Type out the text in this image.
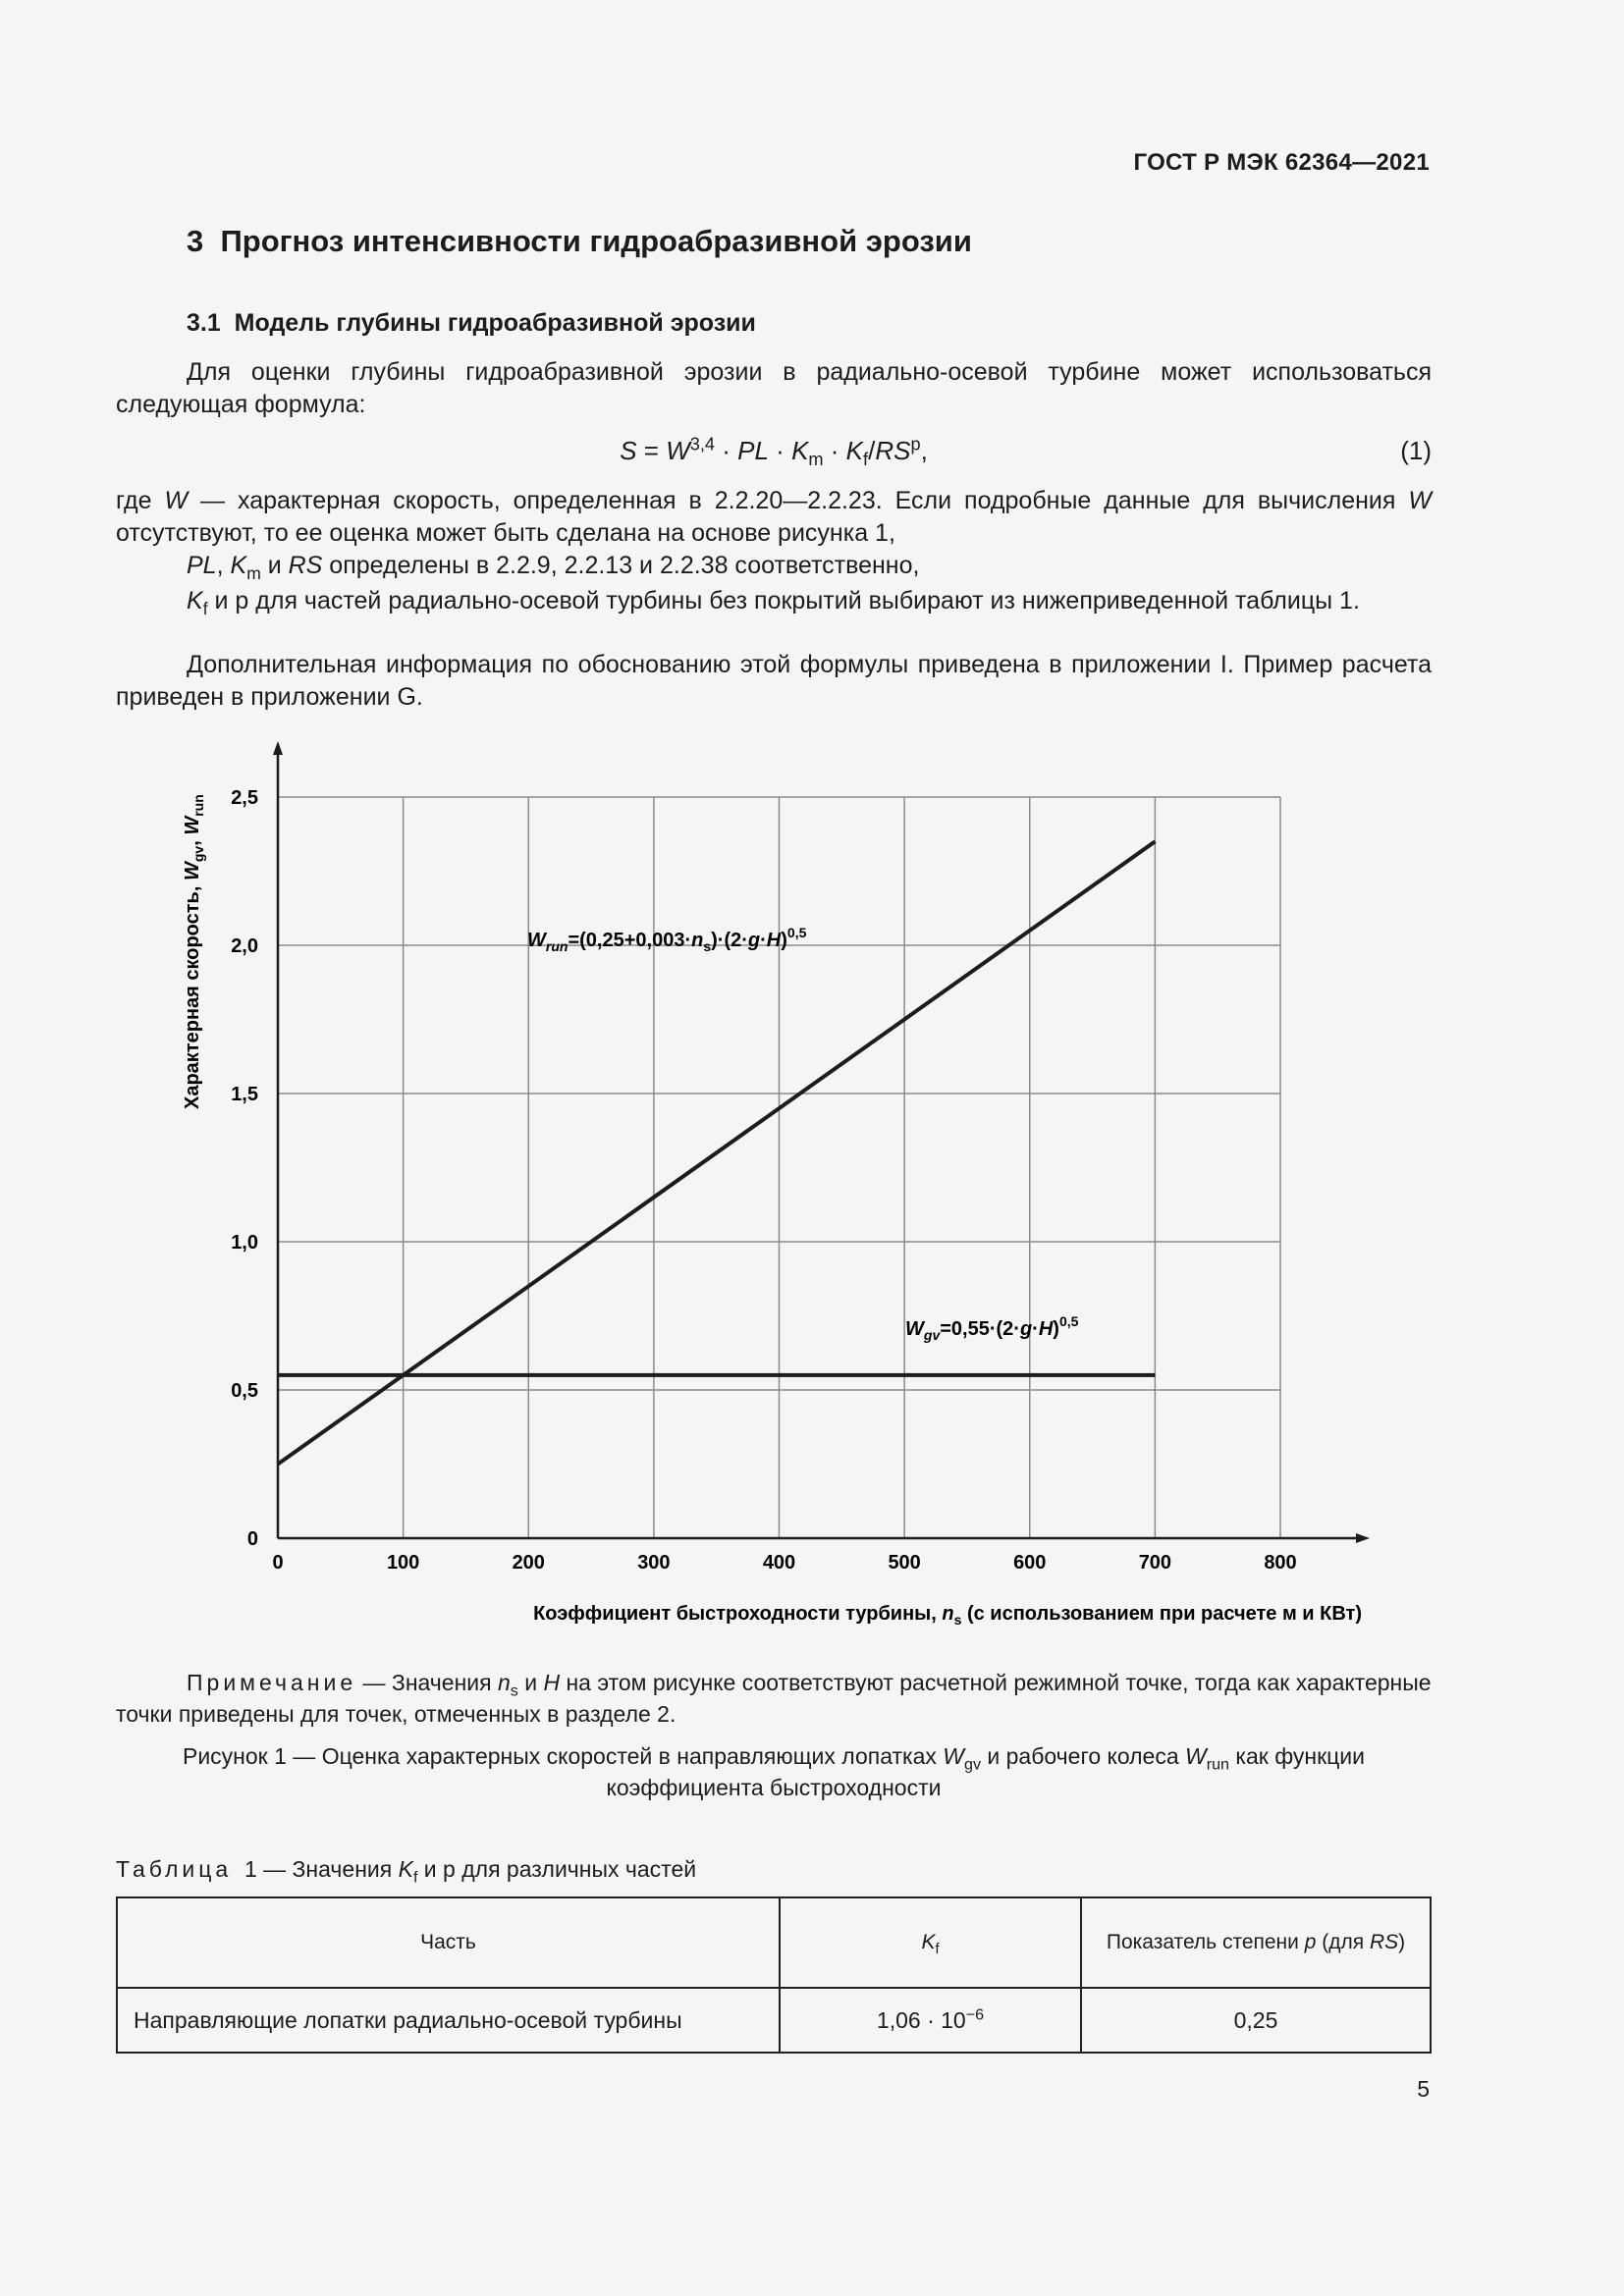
ГОСТ Р МЭК 62364—2021
3 Прогноз интенсивности гидроабразивной эрозии
3.1 Модель глубины гидроабразивной эрозии
Для оценки глубины гидроабразивной эрозии в радиально-осевой турбине может использоваться следующая формула:
S = W$^{3,4}$ · PL · $K_m \cdot K_f/RS^p$,	(1)
где W — характерная скорость, определенная в 2.2.20—2.2.23. Если подробные данные для вычисления W отсутствуют, то ее оценка может быть сделана на основе рисунка 1,
PL, $K_m$ и RS определены в 2.2.9, 2.2.13 и 2.2.38 соответственно,
$K_f$ и p для частей радиально-осевой турбины без покрытий выбирают из нижеприведенной таблицы 1.
Дополнительная информация по обоснованию этой формулы приведена в приложении I. Пример расчета приведен в приложении G.
0	100	200	300	400	500	600	700	800
0
0,5
1,0
1,5
2,0
2,5
$W_{run}=(0,25+0,003\cdot n_s)\cdot(2\cdot g\cdot H)^{0,5}$
$W_{gv}=0,55\cdot(2\cdot g\cdot H)^{0,5}$
Характерная скорость, $W_{gv}$, $W_{run}$
Коэффициент быстроходности турбины, $n_s$ (с использованием при расчете м и КВт)
Примечание — Значения $n_s$ и H на этом рисунке соответствуют расчетной режимной точке, тогда как характерные точки приведены для точек, отмеченных в разделе 2.
Рисунок 1 — Оценка характерных скоростей в направляющих лопатках $W_{gv}$ и рабочего колеса $W_{run}$ как функции
коэффициента быстроходности
Таблица  1 — Значения $K_f$ и p для различных частей
Часть	$K_f$	Показатель степени p (для RS)
Направляющие лопатки радиально-осевой турбины	$1,06 \cdot 10^{-6}$	0,25
5
